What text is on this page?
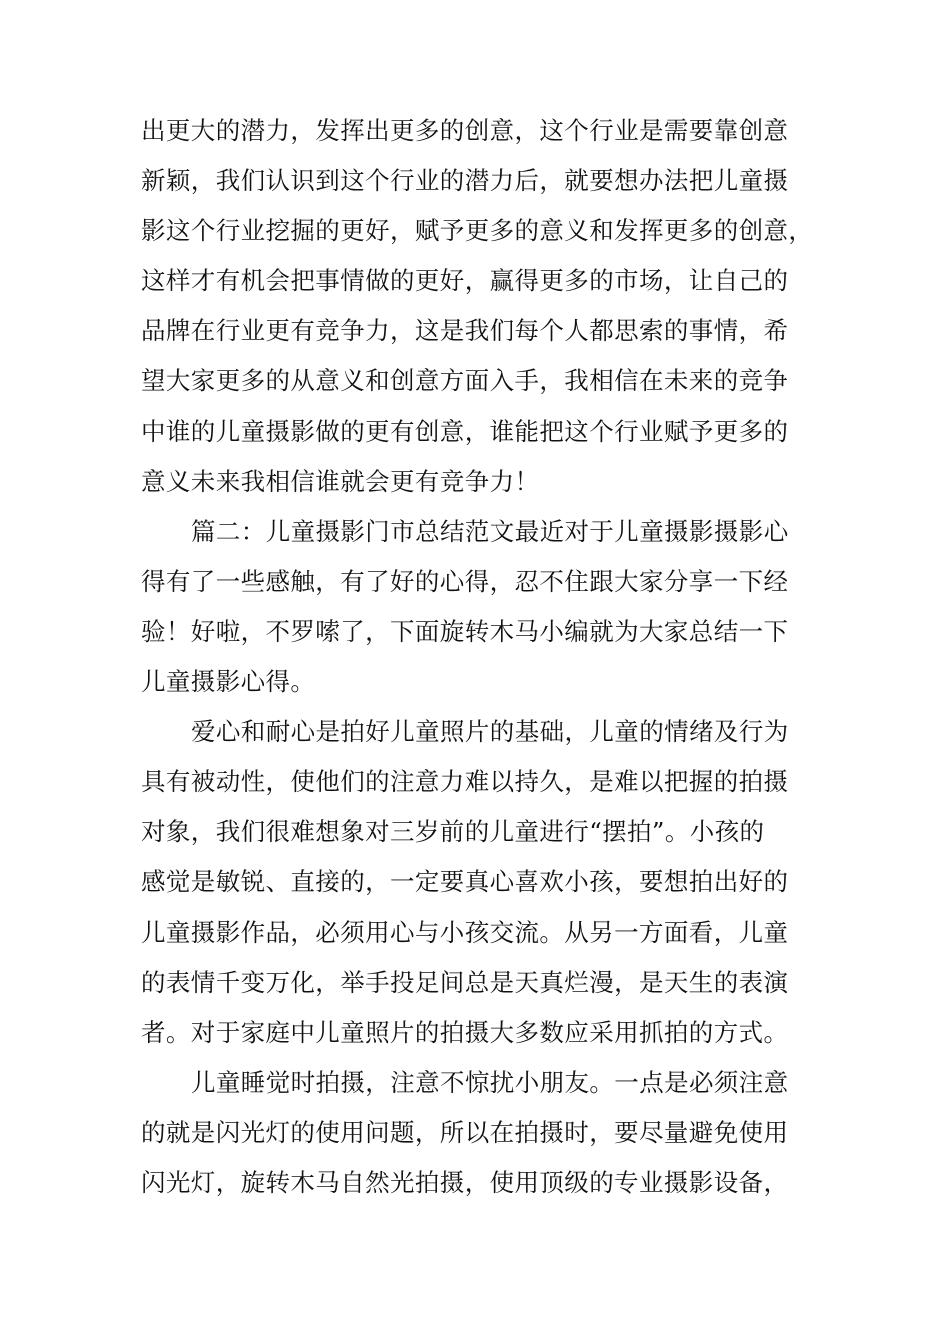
出更大的潜力，发挥出更多的创意，这个行业是需要靠创意
新颖，我们认识到这个行业的潜力后，就要想办法把儿童摄
影这个行业挖掘的更好，赋予更多的意义和发挥更多的创意，
这样才有机会把事情做的更好，赢得更多的市场，让自己的
品牌在行业更有竞争力，这是我们每个人都思索的事情，希
望大家更多的从意义和创意方面入手，我相信在未来的竞争
中谁的儿童摄影做的更有创意，谁能把这个行业赋予更多的
意义未来我相信谁就会更有竞争力！
篇二：儿童摄影门市总结范文最近对于儿童摄影摄影心
得有了一些感触，有了好的心得，忍不住跟大家分享一下经
验！好啦，不罗嗦了，下面旋转木马小编就为大家总结一下
儿童摄影心得。
爱心和耐心是拍好儿童照片的基础，儿童的情绪及行为
具有被动性，使他们的注意力难以持久，是难以把握的拍摄
对象，我们很难想象对三岁前的儿童进行“摆拍”。小孩的
感觉是敏锐、直接的，一定要真心喜欢小孩，要想拍出好的
儿童摄影作品，必须用心与小孩交流。从另一方面看，儿童
的表情千变万化，举手投足间总是天真烂漫，是天生的表演
者。对于家庭中儿童照片的拍摄大多数应采用抓拍的方式。
儿童睡觉时拍摄，注意不惊扰小朋友。一点是必须注意
的就是闪光灯的使用问题，所以在拍摄时，要尽量避免使用
闪光灯，旋转木马自然光拍摄，使用顶级的专业摄影设备，
